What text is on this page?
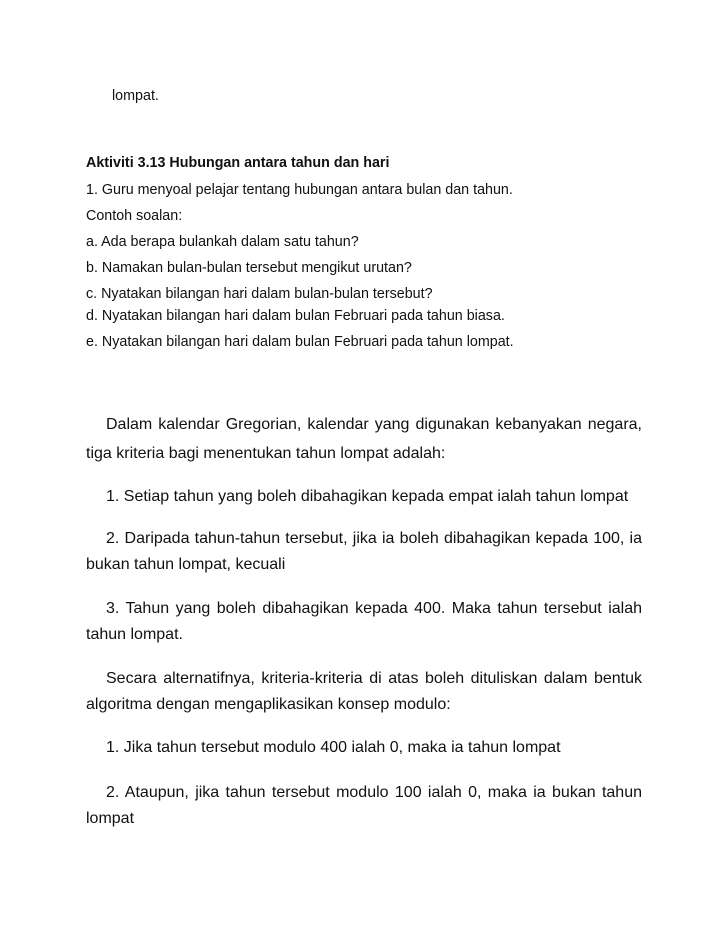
lompat.
Aktiviti 3.13 Hubungan antara tahun dan hari
1. Guru menyoal pelajar tentang hubungan antara bulan dan tahun.
Contoh soalan:
a. Ada berapa bulankah dalam satu tahun?
b. Namakan bulan-bulan tersebut mengikut urutan?
c. Nyatakan bilangan hari dalam bulan-bulan tersebut?
d. Nyatakan bilangan hari dalam bulan Februari pada tahun biasa.
e. Nyatakan bilangan hari dalam bulan Februari pada tahun lompat.
Dalam kalendar Gregorian, kalendar yang digunakan kebanyakan negara,
tiga kriteria bagi menentukan tahun lompat adalah:
1. Setiap tahun yang boleh dibahagikan kepada empat ialah tahun lompat
2. Daripada tahun-tahun tersebut, jika ia boleh dibahagikan kepada 100, ia
bukan tahun lompat, kecuali
3. Tahun yang boleh dibahagikan kepada 400. Maka tahun tersebut ialah
tahun lompat.
Secara alternatifnya, kriteria-kriteria di atas boleh dituliskan dalam bentuk
algoritma dengan mengaplikasikan konsep modulo:
1. Jika tahun tersebut modulo 400 ialah 0, maka ia tahun lompat
2. Ataupun, jika tahun tersebut modulo 100 ialah 0, maka ia bukan tahun
lompat
